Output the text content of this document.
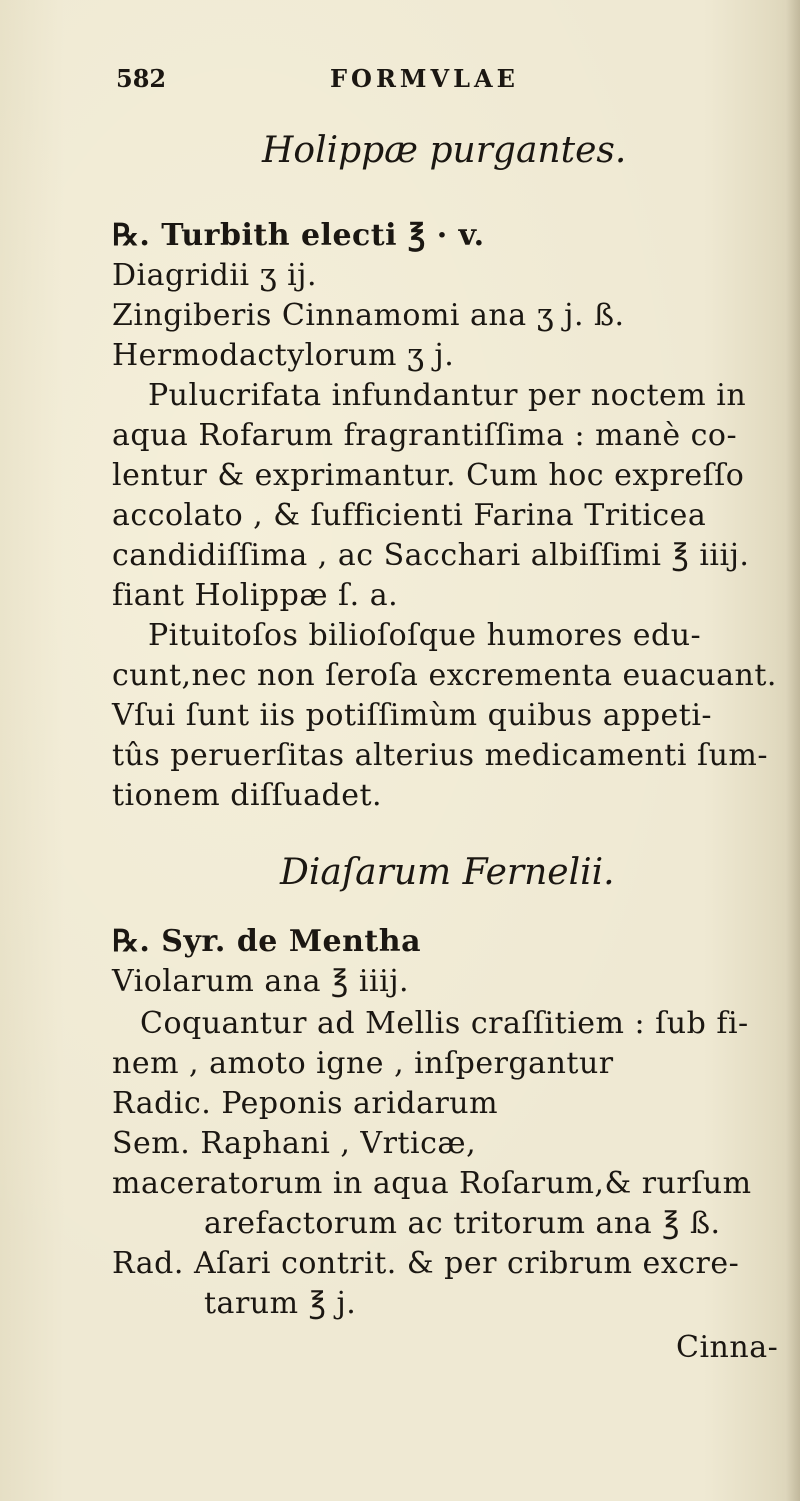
582	FORMVLAE
Holippæ purgantes.
℞. Turbith electi ℥ · v.
Diagridii ʒ ij.
Zingiberis Cinnamomi ana ʒ j. ß.
Hermodactylorum ʒ j.
Pulucrifata infundantur per noctem in
aqua Rofarum fragrantiſſima : manè co-
lentur & exprimantur. Cum hoc expreſſo
accolato , & ſufficienti Farina Triticea
candidiſſima , ac Sacchari albiſſimi ℥ iiij.
fiant Holippæ ſ. a.
Pituitoſos bilioſoſque humores edu-
cunt,nec non ſeroſa excrementa euacuant.
Vſui ſunt iis potiſſimùm quibus appeti-
tûs peruerſitas alterius medicamenti ſum-
tionem diſſuadet.
Diaſarum Fernelii.
℞. Syr. de Mentha
Violarum ana ℥ iiij.
Coquantur ad Mellis craſſitiem : ſub fi-
nem , amoto igne , inſpergantur
Radic. Peponis aridarum
Sem. Raphani , Vrticæ,
maceratorum in aqua Roſarum,& rurſum
arefactorum ac tritorum ana ℥ ß.
Rad. Aſari contrit. & per cribrum excre-
tarum ℥ j.
Cinna-
